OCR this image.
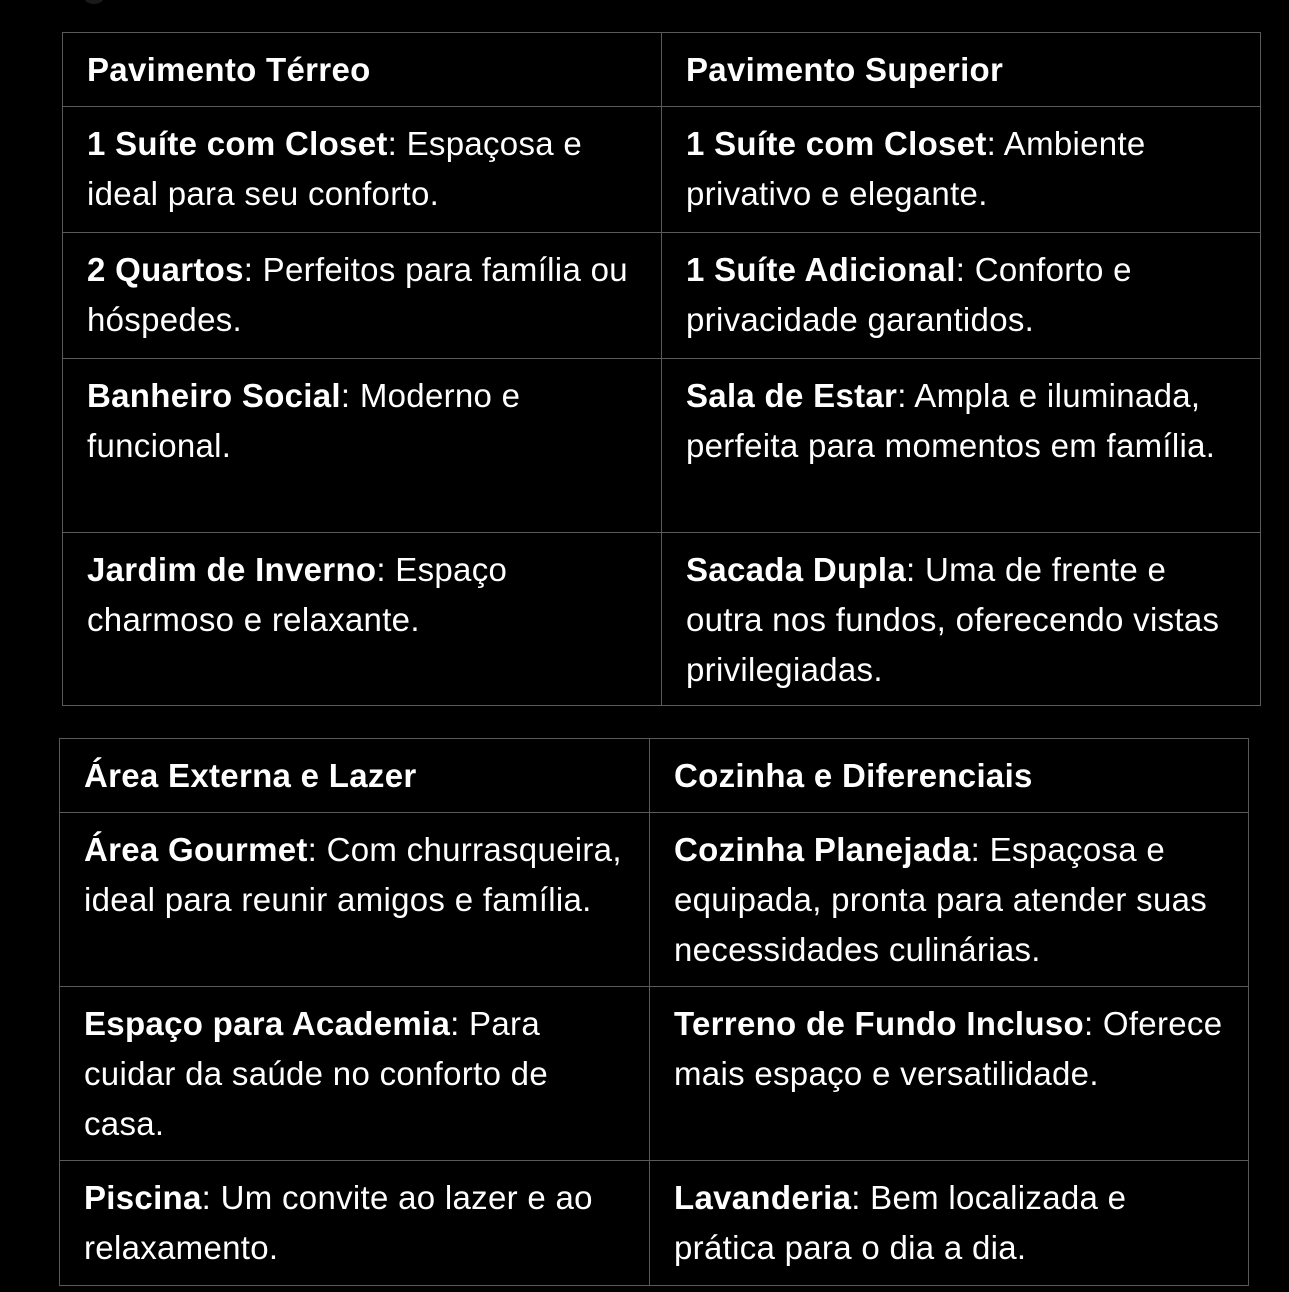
Pavimento Térreo	Pavimento Superior
1 Suíte com Closet: Espaçosa e ideal para seu conforto.	1 Suíte com Closet: Ambiente privativo e elegante.
2 Quartos: Perfeitos para família ou hóspedes.	1 Suíte Adicional: Conforto e privacidade garantidos.
Banheiro Social: Moderno e funcional.	Sala de Estar: Ampla e iluminada, perfeita para momentos em família.
Jardim de Inverno: Espaço charmoso e relaxante.	Sacada Dupla: Uma de frente e outra nos fundos, oferecendo vistas privilegiadas.
Área Externa e Lazer	Cozinha e Diferenciais
Área Gourmet: Com churrasqueira, ideal para reunir amigos e família.	Cozinha Planejada: Espaçosa e equipada, pronta para atender suas necessidades culinárias.
Espaço para Academia: Para cuidar da saúde no conforto de casa.	Terreno de Fundo Incluso: Oferece mais espaço e versatilidade.
Piscina: Um convite ao lazer e ao relaxamento.	Lavanderia: Bem localizada e prática para o dia a dia.
